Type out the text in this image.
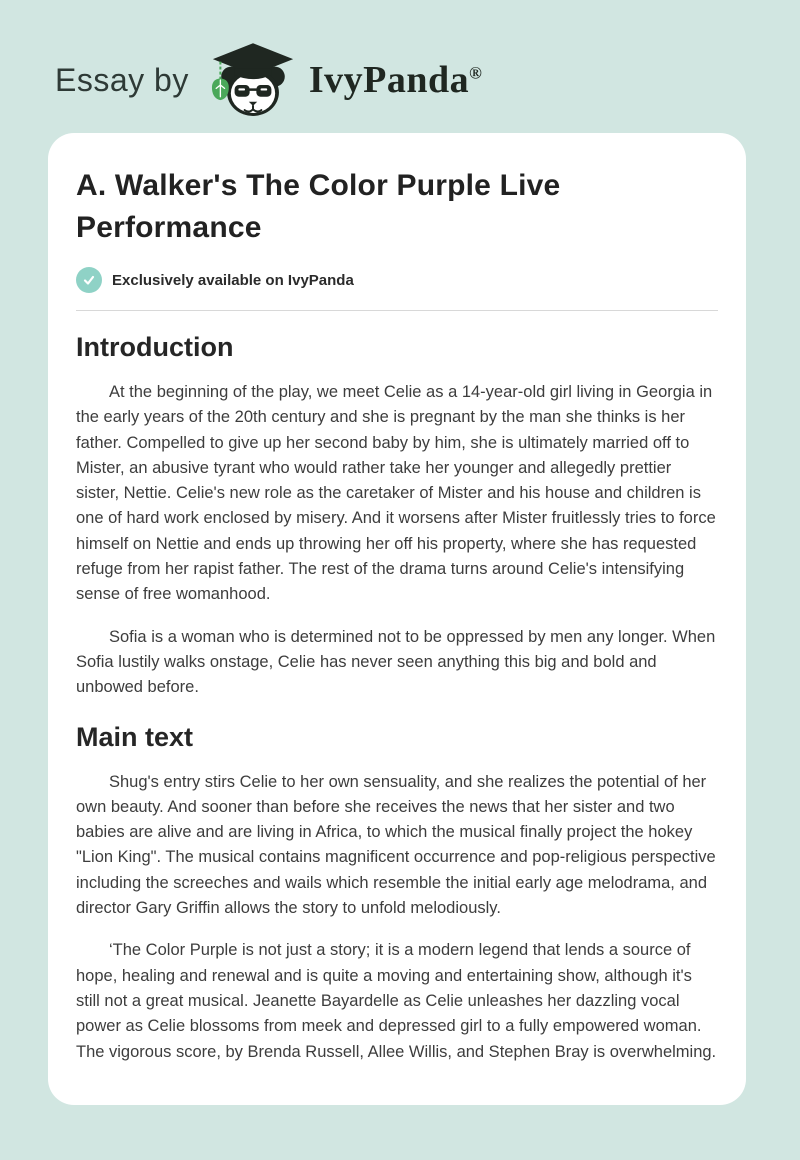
Essay by	IvyPanda®
A. Walker's The Color Purple Live Performance
Exclusively available on IvyPanda
Introduction

At the beginning of the play, we meet Celie as a 14-year-old girl living in Georgia in the early years of the 20th century and she is pregnant by the man she thinks is her father. Compelled to give up her second baby by him, she is ultimately married off to Mister, an abusive tyrant who would rather take her younger and allegedly prettier sister, Nettie. Celie's new role as the caretaker of Mister and his house and children is one of hard work enclosed by misery. And it worsens after Mister fruitlessly tries to force himself on Nettie and ends up throwing her off his property, where she has requested refuge from her rapist father. The rest of the drama turns around Celie's intensifying sense of free womanhood.

Sofia is a woman who is determined not to be oppressed by men any longer. When Sofia lustily walks onstage, Celie has never seen anything this big and bold and unbowed before.

Main text

Shug's entry stirs Celie to her own sensuality, and she realizes the potential of her own beauty. And sooner than before she receives the news that her sister and two babies are alive and are living in Africa, to which the musical finally project the hokey "Lion King". The musical contains magnificent occurrence and pop-religious perspective including the screeches and wails which resemble the initial early age melodrama, and director Gary Griffin allows the story to unfold melodiously.

‘The Color Purple is not just a story; it is a modern legend that lends a source of hope, healing and renewal and is quite a moving and entertaining show, although it's still not a great musical. Jeanette Bayardelle as Celie unleashes her dazzling vocal power as Celie blossoms from meek and depressed girl to a fully empowered woman. The vigorous score, by Brenda Russell, Allee Willis, and Stephen Bray is overwhelming.
